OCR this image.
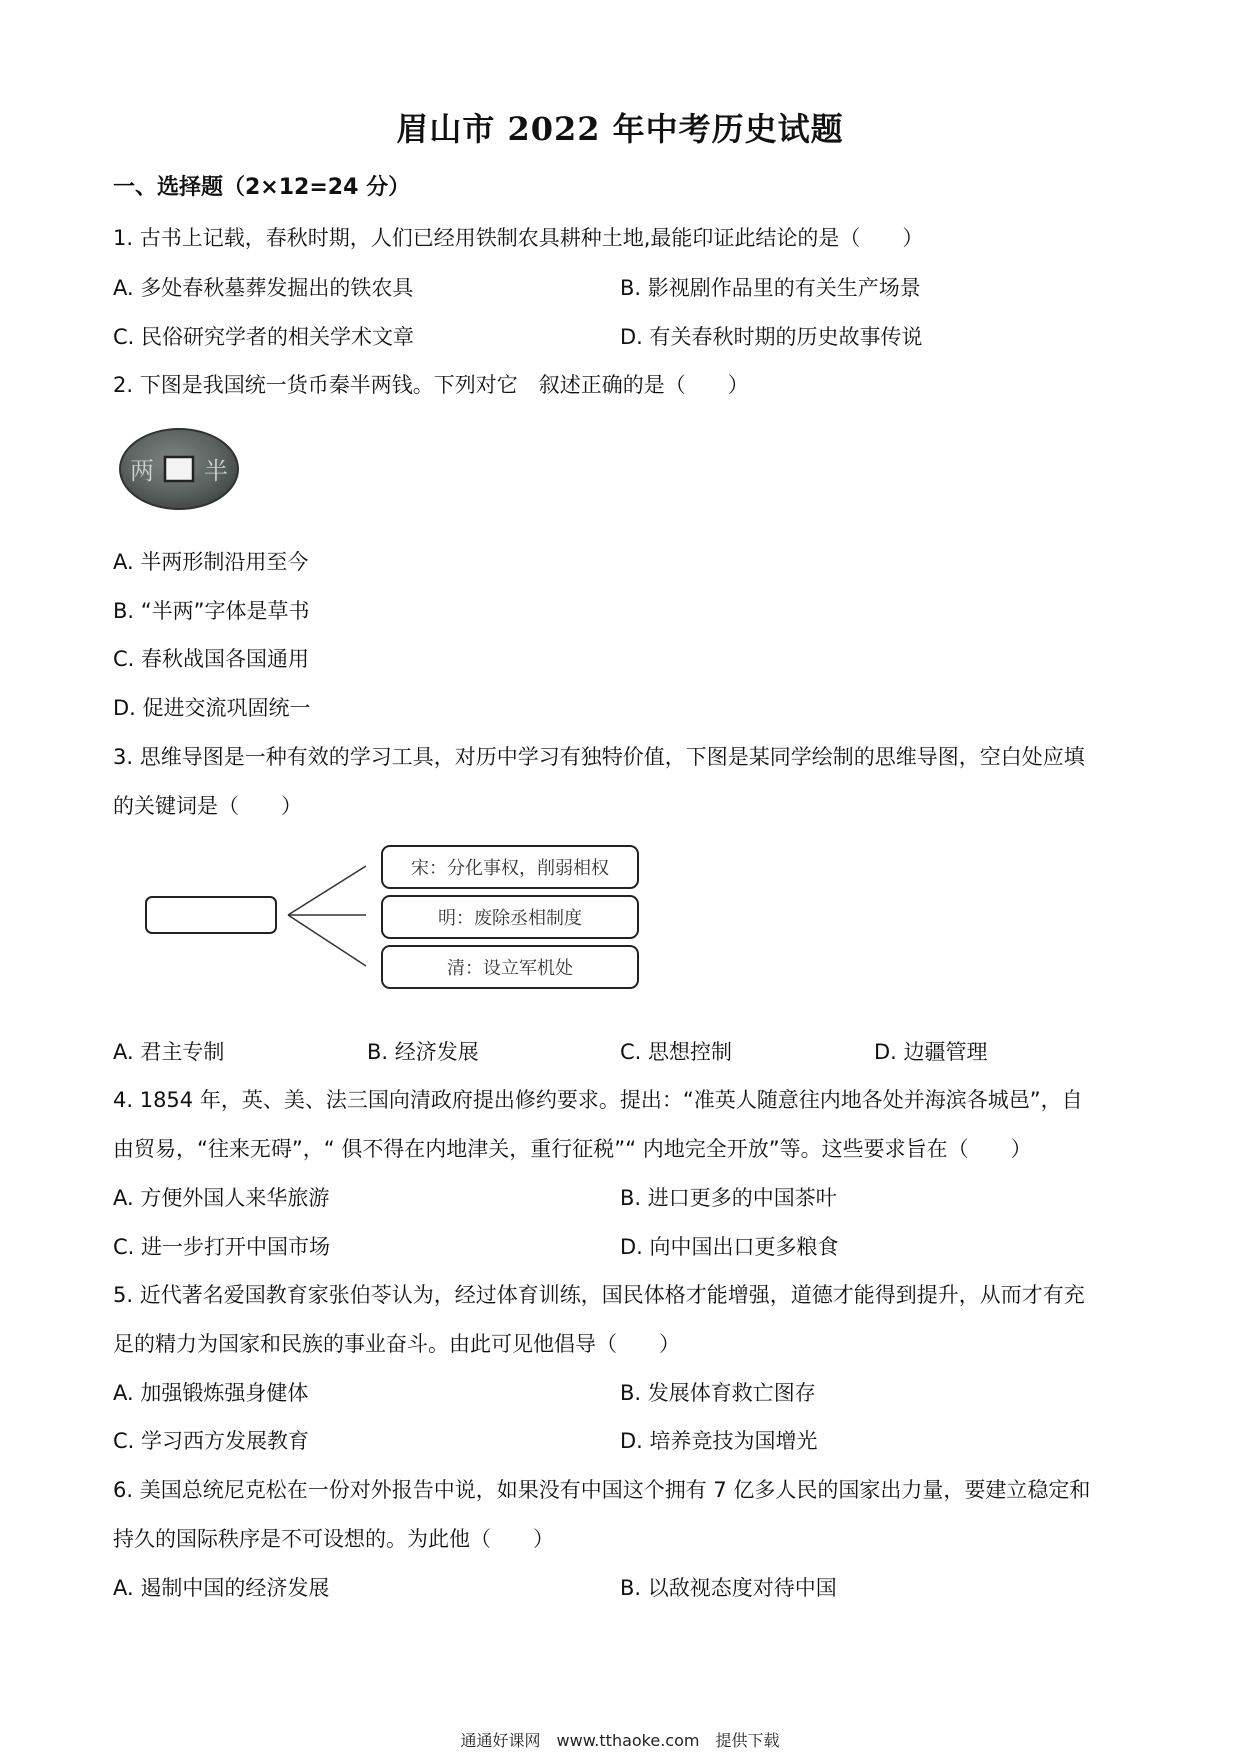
眉山市 2022 年中考历史试题
一、选择题（2×12=24 分）
1. 古书上记载，春秋时期，人们已经用铁制农具耕种土地,最能印证此结论的是（　　）
A. 多处春秋墓葬发掘出的铁农具	B. 影视剧作品里的有关生产场景
C. 民俗研究学者的相关学术文章	D. 有关春秋时期的历史故事传说
2. 下图是我国统一货币秦半两钱。下列对它　叙述正确的是（　　）
两 半
A. 半两形制沿用至今
B. “半两”字体是草书
C. 春秋战国各国通用
D. 促进交流巩固统一
3. 思维导图是一种有效的学习工具，对历中学习有独特价值，下图是某同学绘制的思维导图，空白处应填
的关键词是（　　）
宋：分化事权，削弱相权
明：废除丞相制度
清：设立军机处
A. 君主专制	B. 经济发展	C. 思想控制	D. 边疆管理
4. 1854 年，英、美、法三国向清政府提出修约要求。提出：“准英人随意往内地各处并海滨各城邑”，自
由贸易，“往来无碍”，“ 俱不得在内地津关，重行征税”“ 内地完全开放”等。这些要求旨在（　　）
A. 方便外国人来华旅游	B. 进口更多的中国茶叶
C. 进一步打开中国市场	D. 向中国出口更多粮食
5. 近代著名爱国教育家张伯苓认为，经过体育训练，国民体格才能增强，道德才能得到提升，从而才有充
足的精力为国家和民族的事业奋斗。由此可见他倡导（　　）
A. 加强锻炼强身健体	B. 发展体育救亡图存
C. 学习西方发展教育	D. 培养竞技为国增光
6. 美国总统尼克松在一份对外报告中说，如果没有中国这个拥有 7 亿多人民的国家出力量，要建立稳定和
持久的国际秩序是不可设想的。为此他（　　）
A. 遏制中国的经济发展	B. 以敌视态度对待中国
通通好课网　www.tthaoke.com　提供下载
